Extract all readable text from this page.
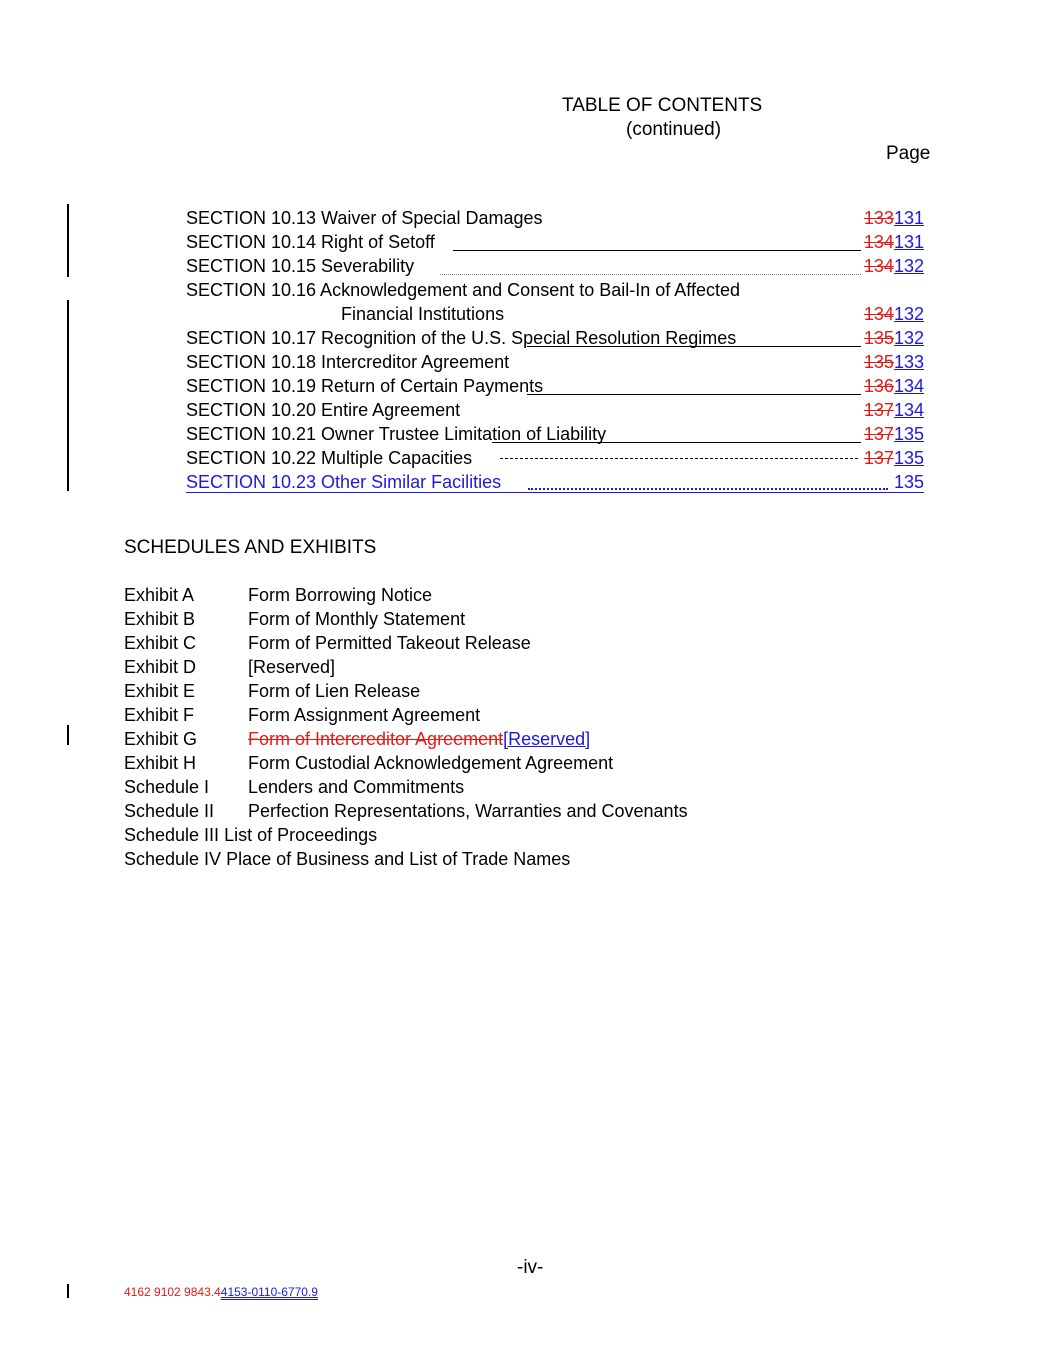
TABLE OF CONTENTS
(continued)
Page
SECTION 10.13 Waiver of Special Damages	133131
SECTION 10.14 Right of Setoff	134131
SECTION 10.15 Severability	134132
SECTION 10.16 Acknowledgement and Consent to Bail-In of Affected
Financial Institutions	134132
SECTION 10.17 Recognition of the U.S. Special Resolution Regimes	135132
SECTION 10.18 Intercreditor Agreement	135133
SECTION 10.19 Return of Certain Payments	136134
SECTION 10.20 Entire Agreement	137134
SECTION 10.21 Owner Trustee Limitation of Liability	137135
SECTION 10.22 Multiple Capacities	137135
SECTION 10.23 Other Similar Facilities	135
SCHEDULES AND EXHIBITS
Exhibit A	Form Borrowing Notice
Exhibit B	Form of Monthly Statement
Exhibit C	Form of Permitted Takeout Release
Exhibit D	[Reserved]
Exhibit E	Form of Lien Release
Exhibit F	Form Assignment Agreement
Exhibit G	Form of Intercreditor Agreement[Reserved]
Exhibit H	Form Custodial Acknowledgement Agreement
Schedule I Lenders and Commitments
Schedule II Perfection Representations, Warranties and Covenants
Schedule III List of Proceedings
Schedule IV Place of Business and List of Trade Names
-iv-
4162 9102 9843.44153-0110-6770.9
